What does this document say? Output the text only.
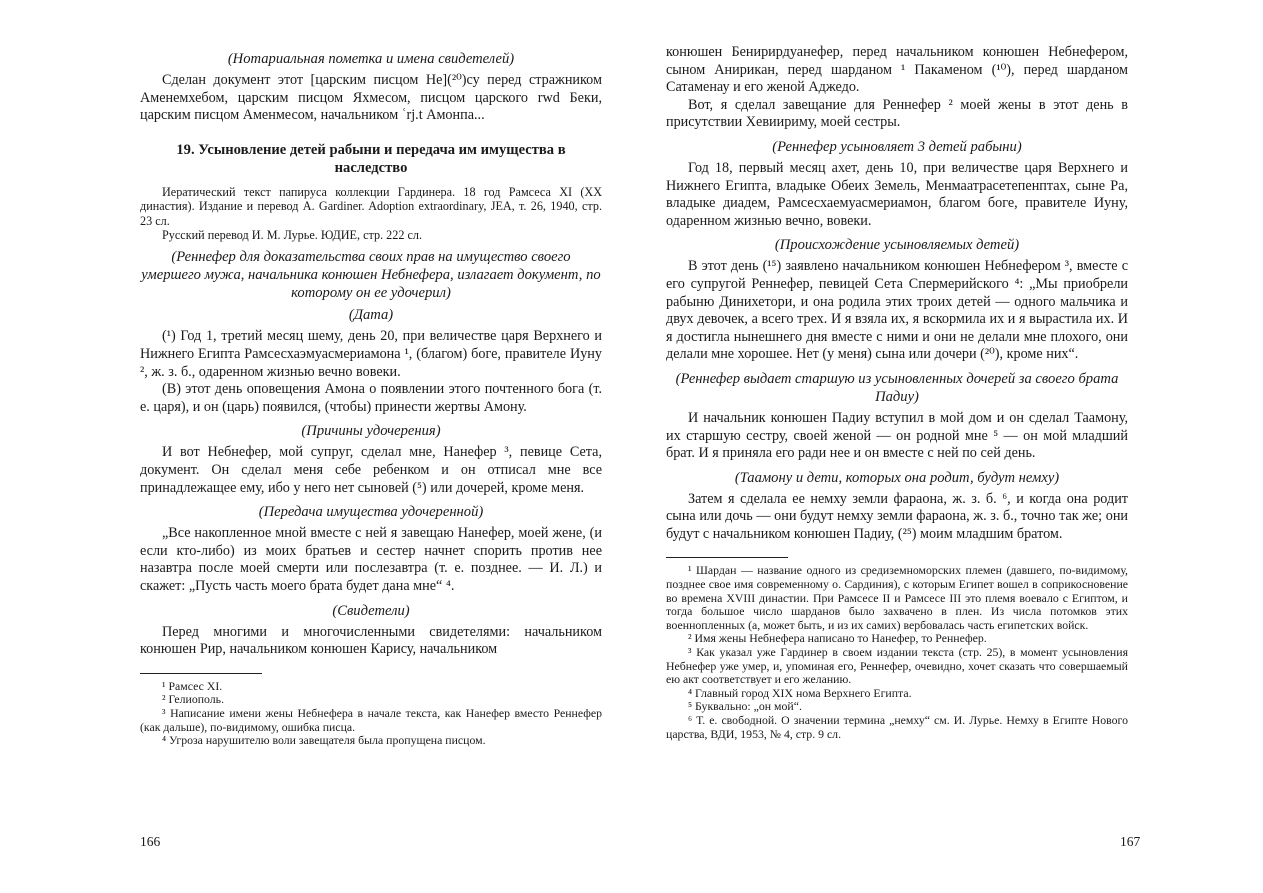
(Нотариальная пометка и имена свидетелей)

Сделан документ этот [царским писцом Не](²⁰)су перед стражником Аменемхебом, царским писцом Яхмесом, писцом царского rwd Беки, царским писцом Аменмесом, начальником ʿrj.t Амонпа...

19. Усыновление детей рабыни и передача им имущества в наследство

Иератический текст папируса коллекции Гардинера. 18 год Рамсеса XI (XX династия). Издание и перевод A. Gardiner. Adoption extraordinary, JEA, т. 26, 1940, стр. 23 сл.

Русский перевод И. М. Лурье. ЮДИЕ, стр. 222 сл.

(Реннефер для доказательства своих прав на имущество своего умершего мужа, начальника конюшен Небнефера, излагает документ, по которому он ее удочерил)

(Дата)

(¹) Год 1, третий месяц шему, день 20, при величестве царя Верхнего и Нижнего Египта Рамсесхаэмуасмериамона ¹, (благом) боге, правителе Иуну ², ж. з. б., одаренном жизнью вечно вовеки.

(В) этот день оповещения Амона о появлении этого почтенного бога (т. е. царя), и он (царь) появился, (чтобы) принести жертвы Амону.

(Причины удочерения)

И вот Небнефер, мой супруг, сделал мне, Нанефер ³, певице Сета, документ. Он сделал меня себе ребенком и он отписал мне все принадлежащее ему, ибо у него нет сыновей (⁵) или дочерей, кроме меня.

(Передача имущества удочеренной)

„Все накопленное мной вместе с ней я завещаю Нанефер, моей жене, (и если кто-либо) из моих братьев и сестер начнет спорить против нее назавтра после моей смерти или послезавтра (т. е. позднее. — И. Л.) и скажет: „Пусть часть моего брата будет дана мне“ ⁴.

(Свидетели)

Перед многими и многочисленными свидетелями: начальником конюшен Рир, начальником конюшен Карису, начальником

¹ Рамсес XI.

² Гелиополь.

³ Написание имени жены Небнефера в начале текста, как Нанефер вместо Реннефер (как дальше), по-видимому, ошибка писца.

⁴ Угроза нарушителю воли завещателя была пропущена писцом.

166

конюшен Бенирирдуанефер, перед начальником конюшен Небнефером, сыном Анирикан, перед шарданом ¹ Пакаменом (¹⁰), перед шарданом Сатаменау и его женой Аджедо.

Вот, я сделал завещание для Реннефер ² моей жены в этот день в присутствии Хевиириму, моей сестры.

(Реннефер усыновляет 3 детей рабыни)

Год 18, первый месяц ахет, день 10, при величестве царя Верхнего и Нижнего Египта, владыке Обеих Земель, Менмаатрасетепенптах, сыне Ра, владыке диадем, Рамсесхаемуасмериамон, благом боге, правителе Иуну, одаренном жизнью вечно, вовеки.

(Происхождение усыновляемых детей)

В этот день (¹⁵) заявлено начальником конюшен Небнефером ³, вместе с его супругой Реннефер, певицей Сета Спермерийского ⁴: „Мы приобрели рабыню Динихетори, и она родила этих троих детей — одного мальчика и двух девочек, а всего трех. И я взяла их, я вскормила их и я вырастила их. И я достигла нынешнего дня вместе с ними и они не делали мне плохого, они делали мне хорошее. Нет (у меня) сына или дочери (²⁰), кроме них“.

(Реннефер выдает старшую из усыновленных дочерей за своего брата Падиу)

И начальник конюшен Падиу вступил в мой дом и он сделал Таамону, их старшую сестру, своей женой — он родной мне ⁵ — он мой младший брат. И я приняла его ради нее и он вместе с ней по сей день.

(Таамону и дети, которых она родит, будут немху)

Затем я сделала ее немху земли фараона, ж. з. б. ⁶, и когда она родит сына или дочь — они будут немху земли фараона, ж. з. б., точно так же; они будут с начальником конюшен Падиу, (²⁵) моим младшим братом.

¹ Шардан — название одного из средиземноморских племен (давшего, по-видимому, позднее свое имя современному о. Сардиния), с которым Египет вошел в соприкосновение во времена XVIII династии. При Рамсесе II и Рамсесе III это племя воевало с Египтом, и тогда большое число шарданов было захвачено в плен. Из числа потомков этих военнопленных (а, может быть, и из их самих) вербовалась часть египетских войск.

² Имя жены Небнефера написано то Нанефер, то Реннефер.

³ Как указал уже Гардинер в своем издании текста (стр. 25), в момент усыновления Небнефер уже умер, и, упоминая его, Реннефер, очевидно, хочет сказать что совершаемый ею акт соответствует и его желанию.

⁴ Главный город XIX нома Верхнего Египта.

⁵ Буквально: „он мой“.

⁶ Т. е. свободной. О значении термина „немху“ см. И. Лурье. Немху в Египте Нового царства, ВДИ, 1953, № 4, стр. 9 сл.

167
